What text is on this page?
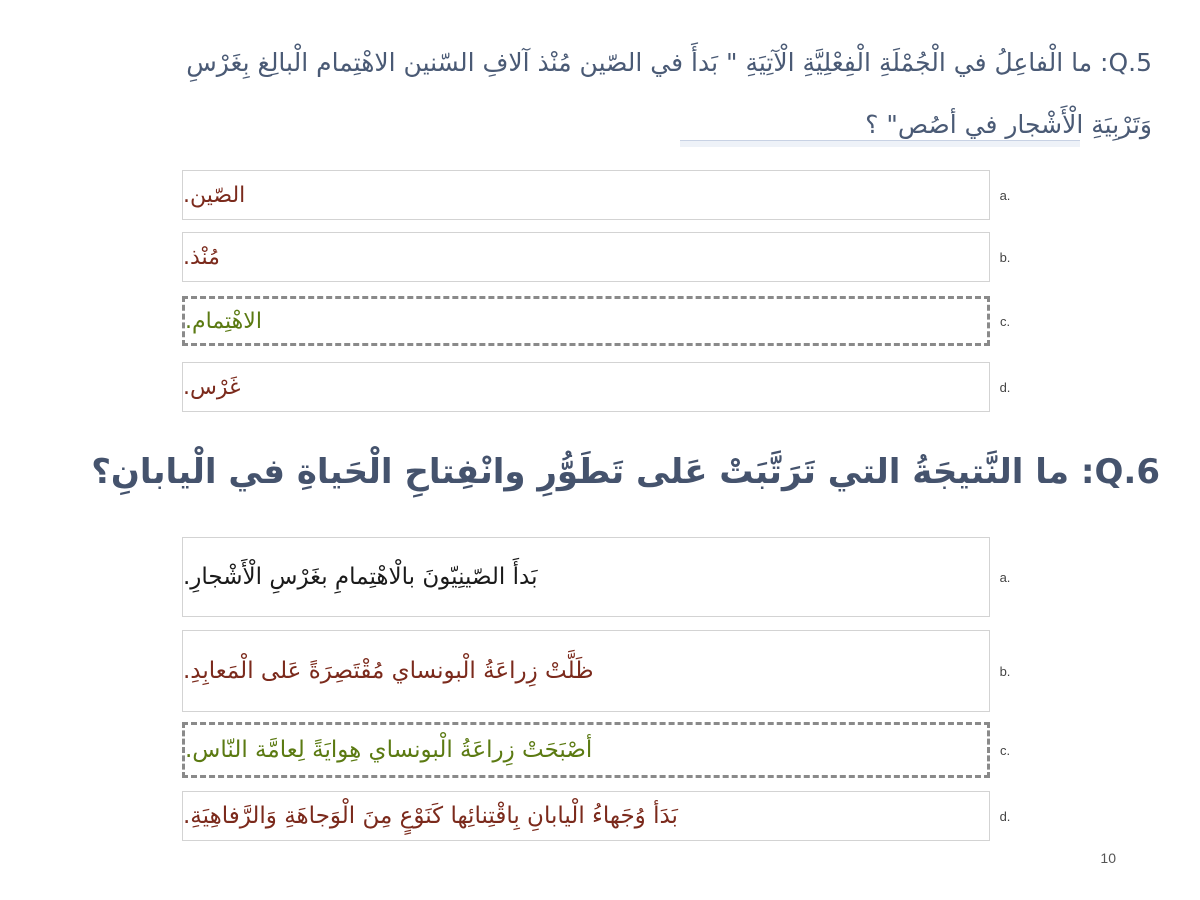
Q.5: ما الْفاعِلُ في الْجُمْلَةِ الْفِعْلِيَّةِ الْآتِيَةِ " بَدأَ في الصّين مُنْذ آلافِ السّنين الاهْتِمام الْبالِغ بِغَرْسِ
وَتَرْبِيَةِ الْأَشْجار في أصُص" ؟
الصّين.	a.
مُنْذ.	b.
الاهْتِمام.	c.
غَرْس.	d.
Q.6: ما النَّتيجَةُ التي تَرَتَّبَتْ عَلى تَطَوُّرِ وانْفِتاحِ الْحَياةِ في الْيابانِ؟
بَدأَ الصّينِيّونَ بالْاهْتِمامِ بغَرْسِ الْأَشْجارِ.	a.
ظَلَّتْ زِراعَةُ الْبونساي مُقْتَصِرَةً عَلى الْمَعابِدِ.	b.
أصْبَحَتْ زِراعَةُ الْبونساي هِوايَةً لِعامَّة النّاس.	c.
بَدَأ وُجَهاءُ الْيابانِ بِاقْتِنائِها كَنَوْعٍ مِنَ الْوَجاهَةِ وَالرَّفاهِيَةِ.	d.
10
